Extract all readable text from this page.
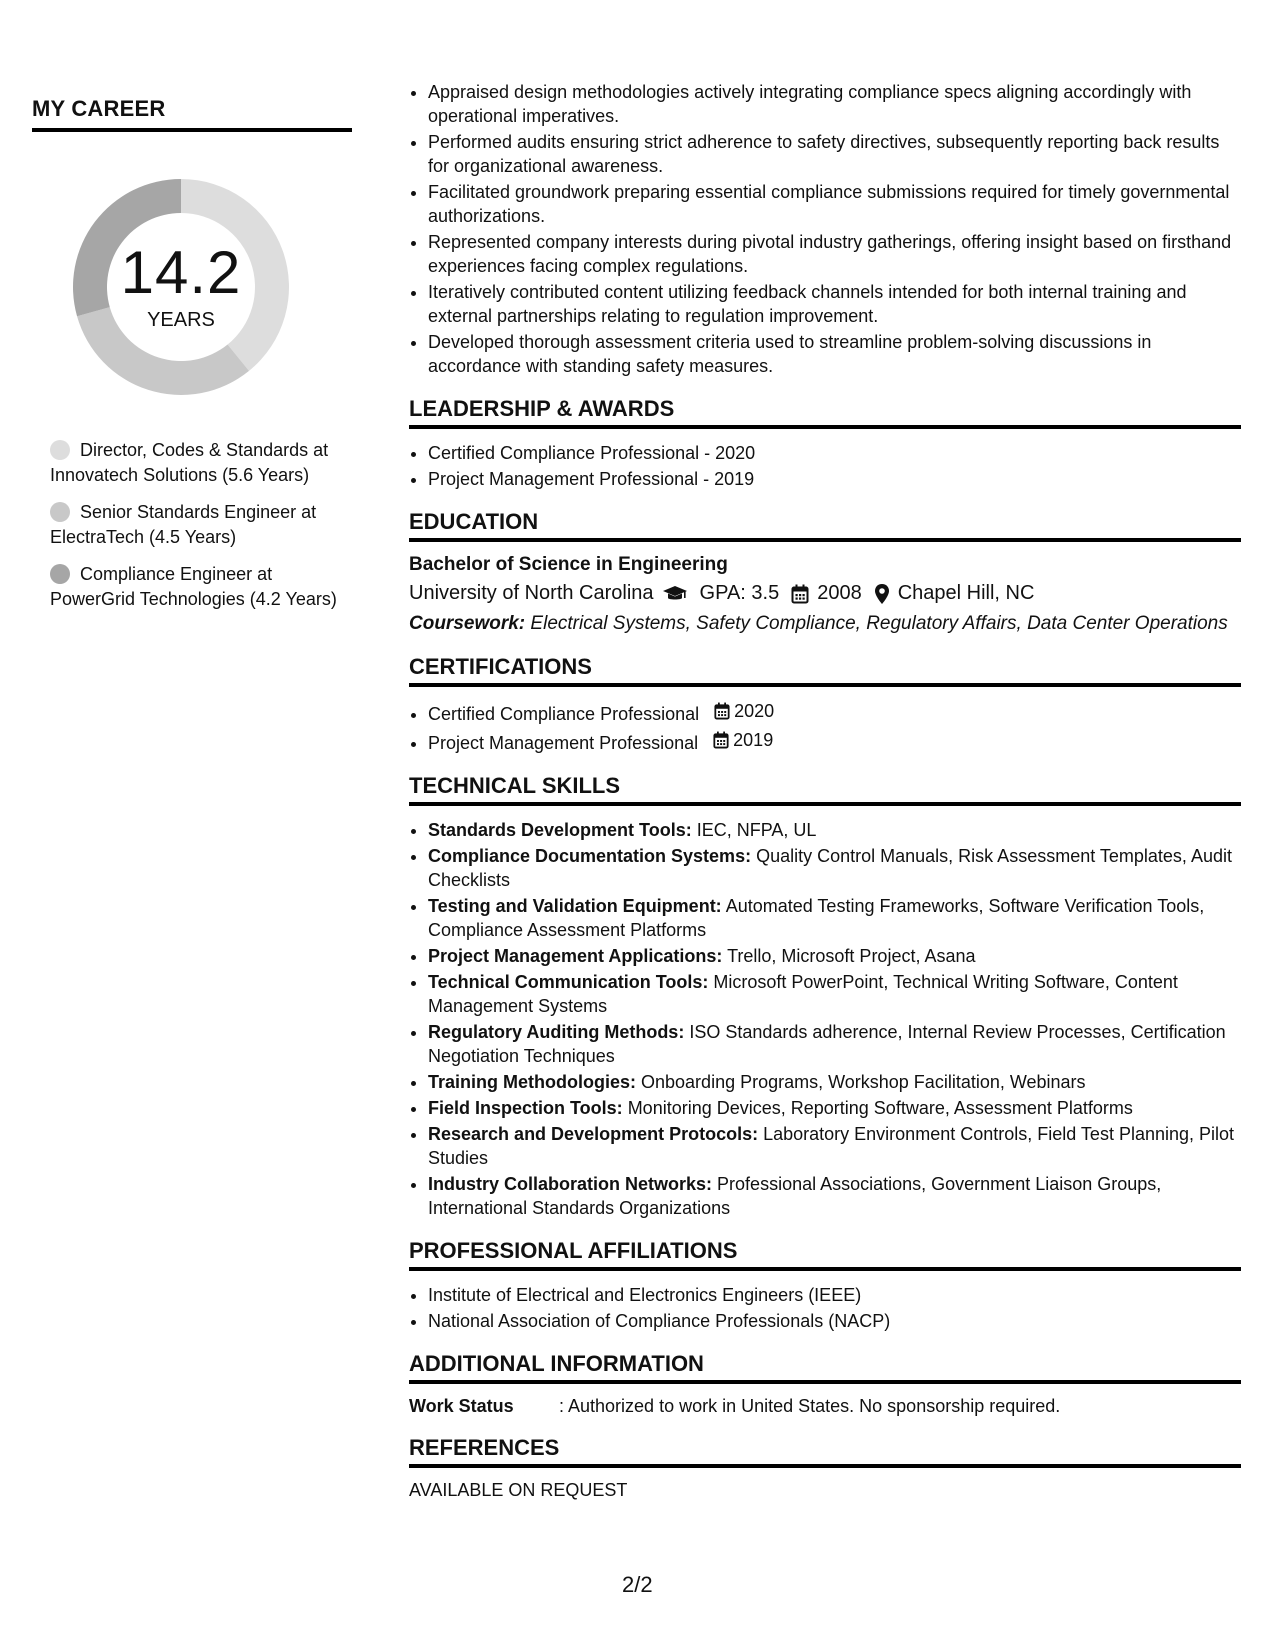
MY CAREER
14.2
YEARS
Director, Codes & Standards at Innovatech Solutions (5.6 Years)
Senior Standards Engineer at ElectraTech (4.5 Years)
Compliance Engineer at PowerGrid Technologies (4.2 Years)
• Appraised design methodologies actively integrating compliance specs aligning accordingly with operational imperatives.
• Performed audits ensuring strict adherence to safety directives, subsequently reporting back results for organizational awareness.
• Facilitated groundwork preparing essential compliance submissions required for timely governmental authorizations.
• Represented company interests during pivotal industry gatherings, offering insight based on firsthand experiences facing complex regulations.
• Iteratively contributed content utilizing feedback channels intended for both internal training and external partnerships relating to regulation improvement.
• Developed thorough assessment criteria used to streamline problem-solving discussions in accordance with standing safety measures.
LEADERSHIP & AWARDS
• Certified Compliance Professional - 2020
• Project Management Professional - 2019
EDUCATION
Bachelor of Science in Engineering
University of North Carolina GPA: 3.5 2008 Chapel Hill, NC
Coursework: Electrical Systems, Safety Compliance, Regulatory Affairs, Data Center Operations
CERTIFICATIONS
• Certified Compliance Professional 2020
• Project Management Professional 2019
TECHNICAL SKILLS
• Standards Development Tools: IEC, NFPA, UL
• Compliance Documentation Systems: Quality Control Manuals, Risk Assessment Templates, Audit Checklists
• Testing and Validation Equipment: Automated Testing Frameworks, Software Verification Tools, Compliance Assessment Platforms
• Project Management Applications: Trello, Microsoft Project, Asana
• Technical Communication Tools: Microsoft PowerPoint, Technical Writing Software, Content Management Systems
• Regulatory Auditing Methods: ISO Standards adherence, Internal Review Processes, Certification Negotiation Techniques
• Training Methodologies: Onboarding Programs, Workshop Facilitation, Webinars
• Field Inspection Tools: Monitoring Devices, Reporting Software, Assessment Platforms
• Research and Development Protocols: Laboratory Environment Controls, Field Test Planning, Pilot Studies
• Industry Collaboration Networks: Professional Associations, Government Liaison Groups, International Standards Organizations
PROFESSIONAL AFFILIATIONS
• Institute of Electrical and Electronics Engineers (IEEE)
• National Association of Compliance Professionals (NACP)
ADDITIONAL INFORMATION
Work Status	: Authorized to work in United States. No sponsorship required.
REFERENCES
AVAILABLE ON REQUEST
2/2
